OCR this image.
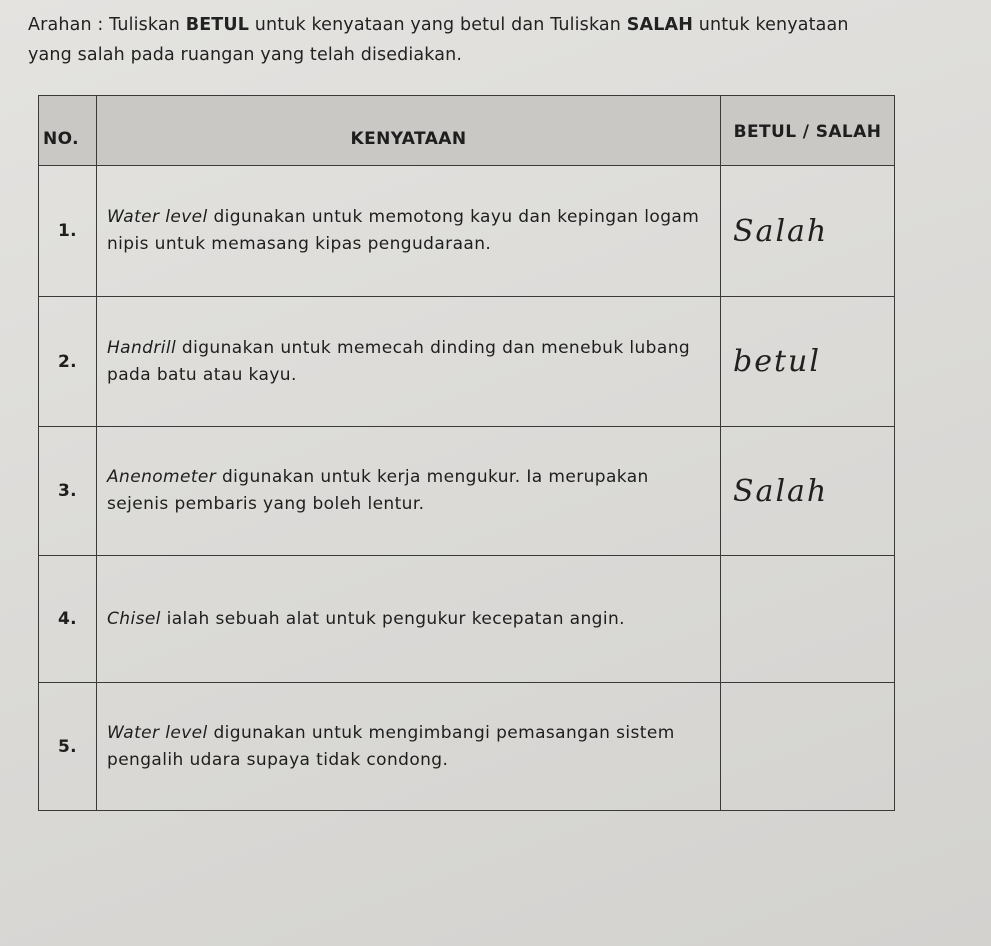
Arahan : Tuliskan BETUL untuk kenyataan yang betul dan Tuliskan SALAH untuk kenyataan yang salah pada ruangan yang telah disediakan.
NO.	KENYATAAN	BETUL / SALAH
1.	Water level digunakan untuk memotong kayu dan kepingan logam nipis untuk memasang kipas pengudaraan.	Salah
2.	Handrill digunakan untuk memecah dinding dan menebuk lubang pada batu atau kayu.	betul
3.	Anenometer digunakan untuk kerja mengukur. Ia merupakan sejenis pembaris yang boleh lentur.	Salah
4.	Chisel ialah sebuah alat untuk pengukur kecepatan angin.	
5.	Water level digunakan untuk mengimbangi pemasangan sistem pengalih udara supaya tidak condong.	
